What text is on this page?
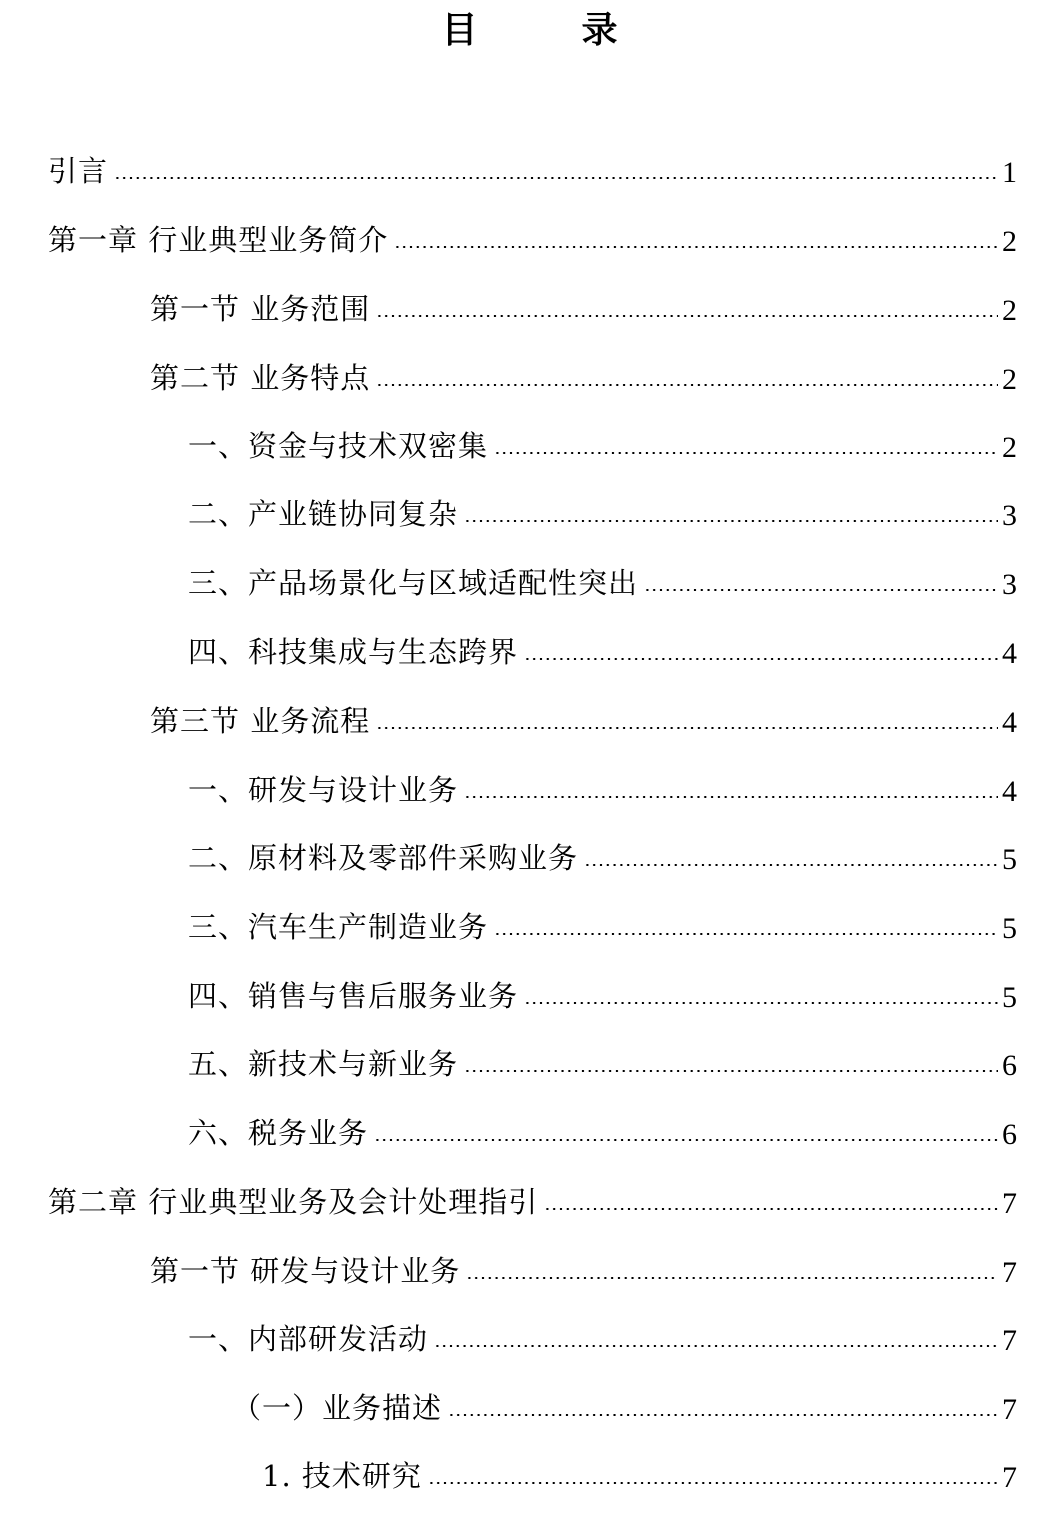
目　录
引言	1
第一章 行业典型业务简介	2
第一节 业务范围	2
第二节 业务特点	2
一、资金与技术双密集	2
二、产业链协同复杂	3
三、产品场景化与区域适配性突出	3
四、科技集成与生态跨界	4
第三节 业务流程	4
一、研发与设计业务	4
二、原材料及零部件采购业务	5
三、汽车生产制造业务	5
四、销售与售后服务业务	5
五、新技术与新业务	6
六、税务业务	6
第二章 行业典型业务及会计处理指引	7
第一节 研发与设计业务	7
一、内部研发活动	7
（一）业务描述	7
1. 技术研究	7
